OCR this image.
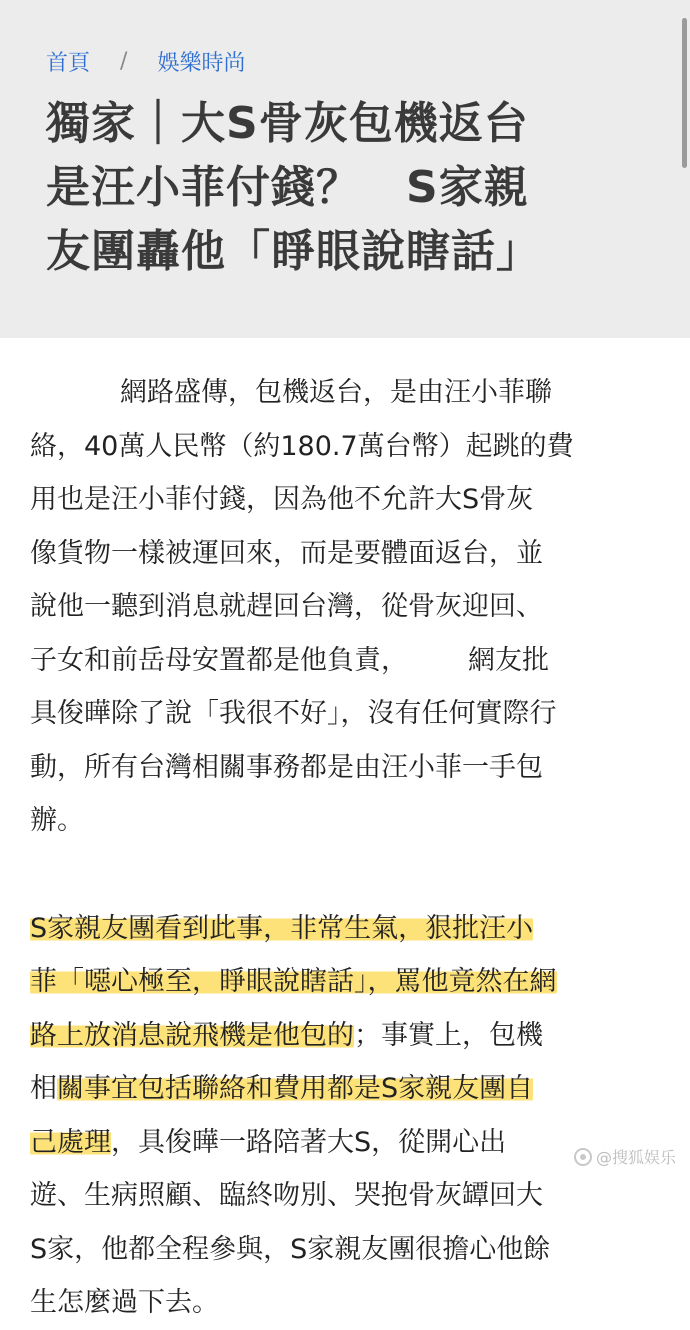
首頁 / 娛樂時尚
獨家｜大S骨灰包機返台
是汪小菲付錢？　S家親
友團轟他「睜眼說瞎話」
網路盛傳，包機返台，是由汪小菲聯
絡，40萬人民幣（約180.7萬台幣）起跳的費
用也是汪小菲付錢，因為他不允許大S骨灰
像貨物一樣被運回來，而是要體面返台，並
說他一聽到消息就趕回台灣，從骨灰迎回、
子女和前岳母安置都是他負責， 網友批
具俊曄除了說「我很不好」，沒有任何實際行
動，所有台灣相關事務都是由汪小菲一手包
辦。
S家親友團看到此事，非常生氣，狠批汪小
菲「噁心極至，睜眼說瞎話」，罵他竟然在網
路上放消息說飛機是他包的；事實上，包機
相關事宜包括聯絡和費用都是S家親友團自
己處理，具俊曄一路陪著大S，從開心出
遊、生病照顧、臨終吻別、哭抱骨灰罈回大
S家，他都全程參與，S家親友團很擔心他餘
生怎麼過下去。
@搜狐娱乐
